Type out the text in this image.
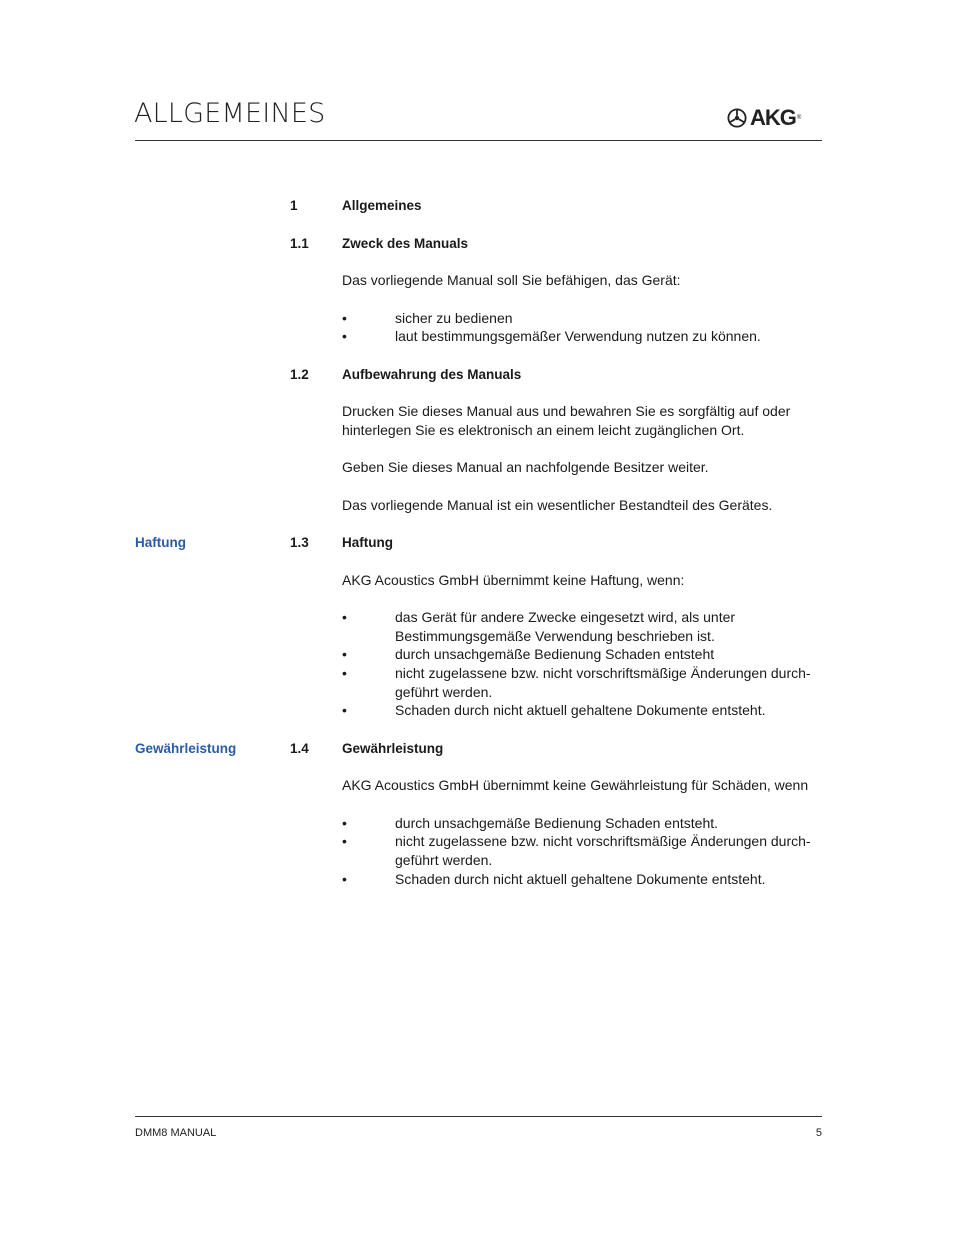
ALLGEMEINES	AKG ®
1	Allgemeines
1.1 Zweck des Manuals
Das vorliegende Manual soll Sie befähigen, das Gerät:
•	sicher zu bedienen
•	laut bestimmungsgemäßer Verwendung nutzen zu können.
1.2 Aufbewahrung des Manuals
Drucken Sie dieses Manual aus und bewahren Sie es sorgfältig auf oder hinterlegen Sie es elektronisch an einem leicht zugänglichen Ort.
Geben Sie dieses Manual an nachfolgende Besitzer weiter.
Das vorliegende Manual ist ein wesentlicher Bestandteil des Gerätes.
Haftung	1.3 Haftung
AKG Acoustics GmbH übernimmt keine Haftung, wenn:
•	das Gerät für andere Zwecke eingesetzt wird, als unter Bestimmungsgemäße Verwendung beschrieben ist.
•	durch unsachgemäße Bedienung Schaden entsteht
•	nicht zugelassene bzw. nicht vorschriftsmäßige Änderungen durch-geführt werden.
•	Schaden durch nicht aktuell gehaltene Dokumente entsteht.
Gewährleistung	1.4 Gewährleistung
AKG Acoustics GmbH übernimmt keine Gewährleistung für Schäden, wenn
•	durch unsachgemäße Bedienung Schaden entsteht.
•	nicht zugelassene bzw. nicht vorschriftsmäßige Änderungen durch-geführt werden.
•	Schaden durch nicht aktuell gehaltene Dokumente entsteht.
DMM8 MANUAL	5
